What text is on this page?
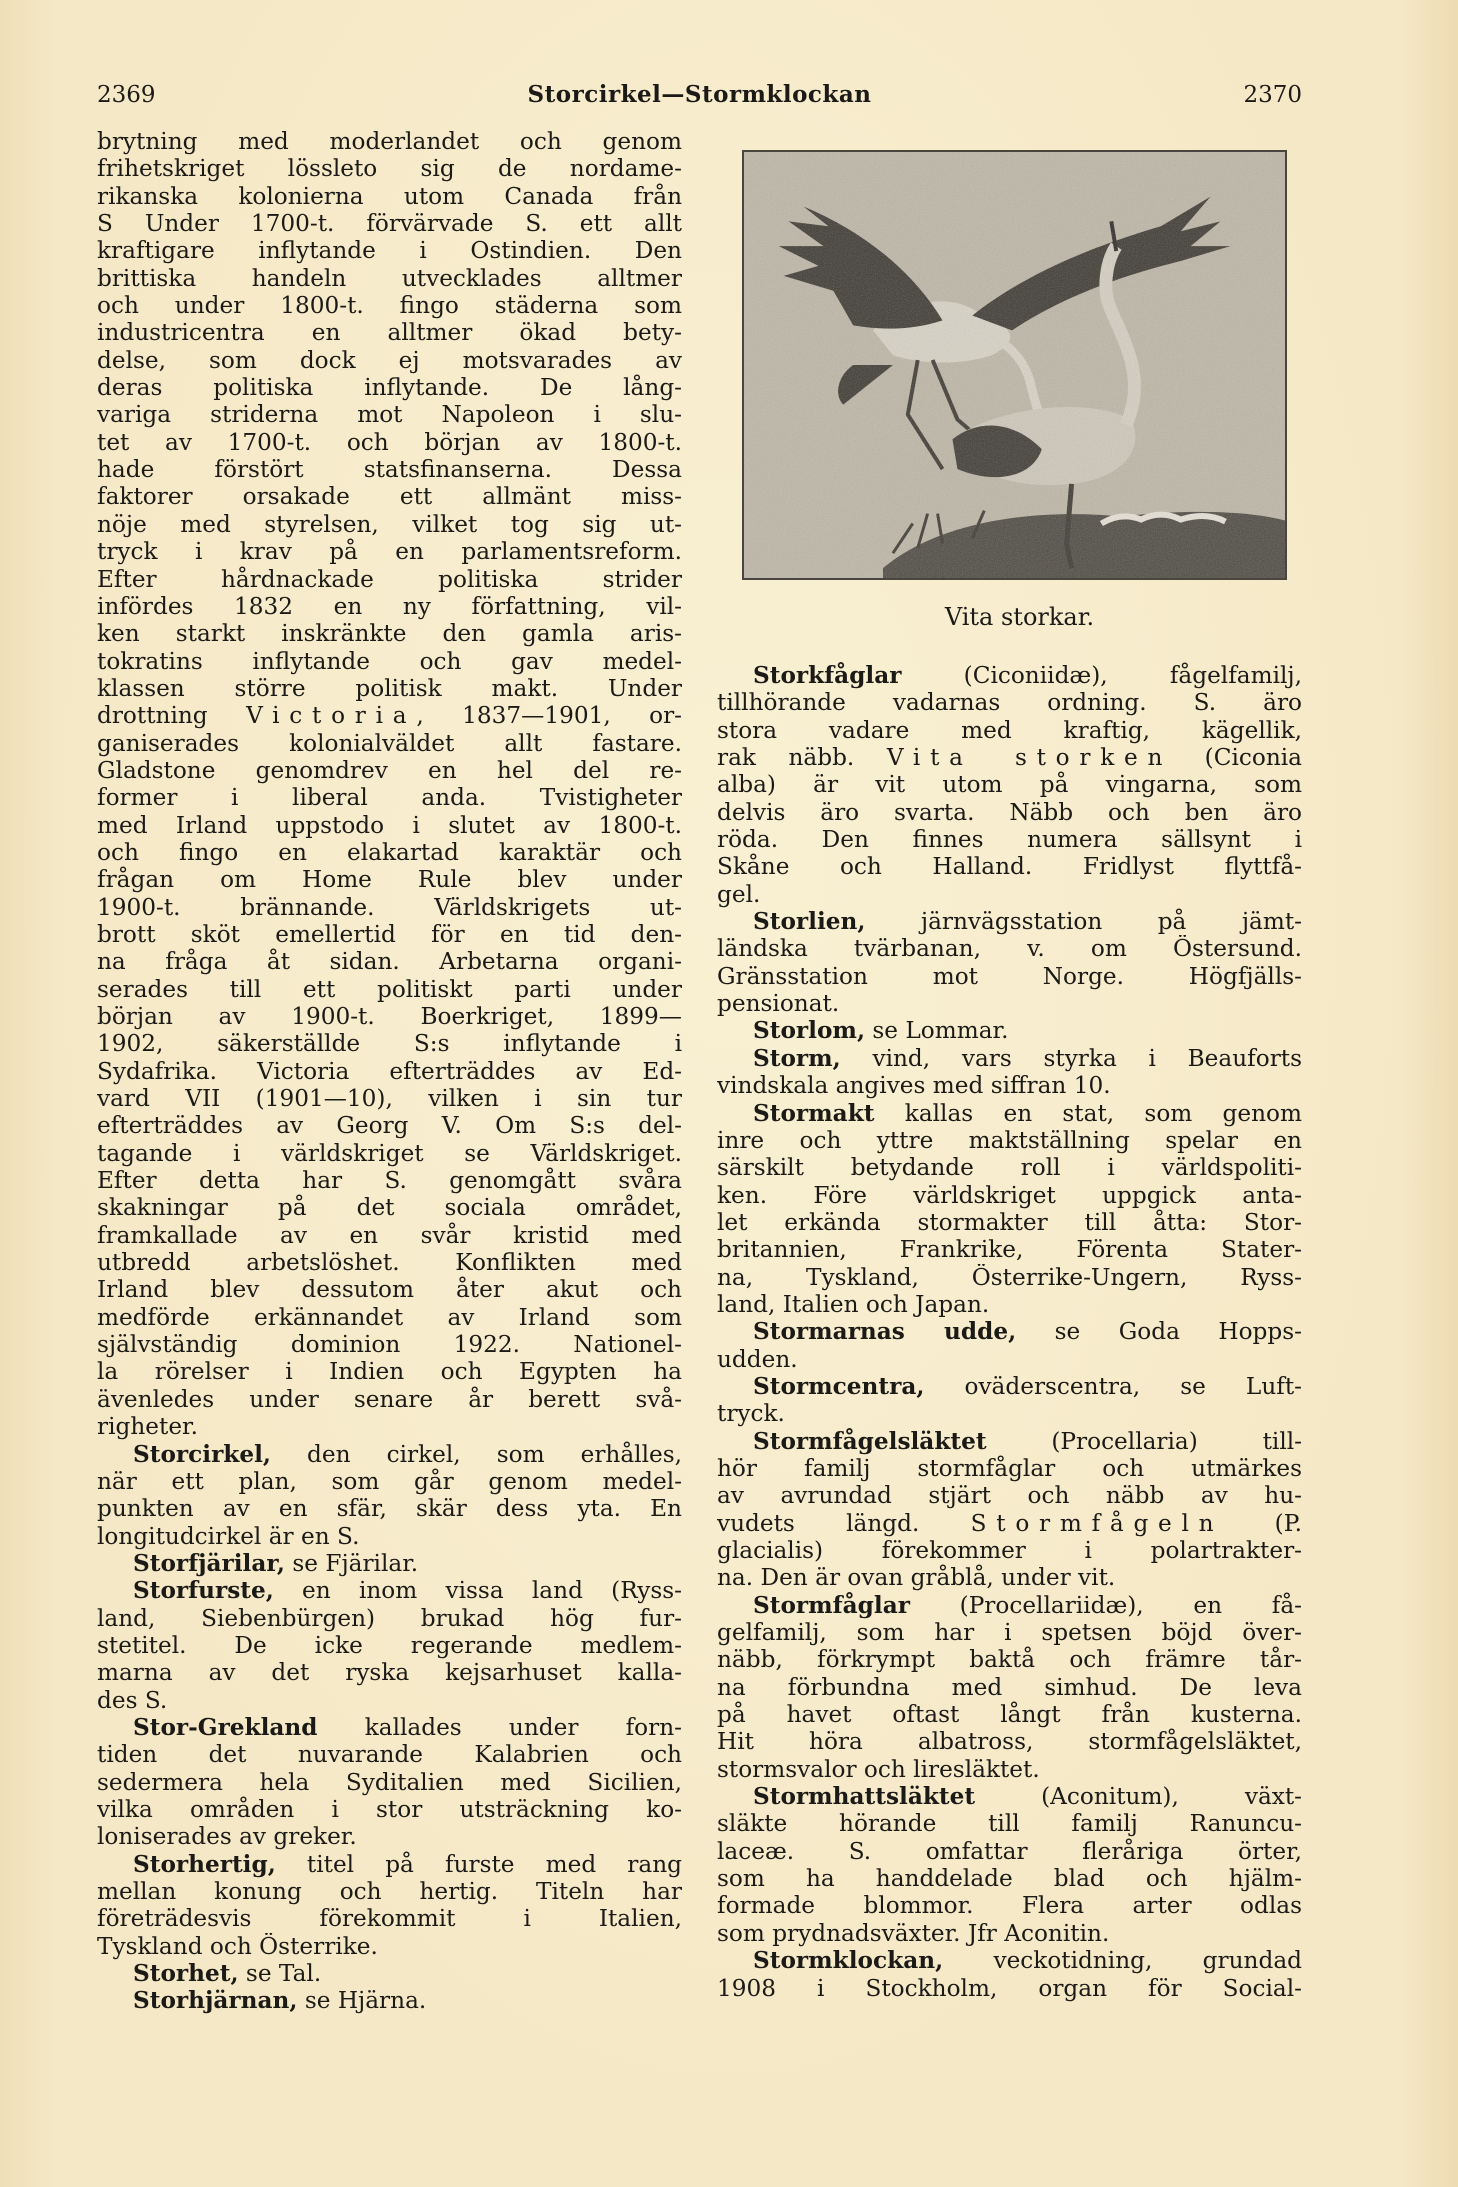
2369	Storcirkel—Stormklockan	2370
brytning med moderlandet och genom
frihetskriget lössleto sig de nordame-
rikanska kolonierna utom Canada från
S Under 1700-t. förvärvade S. ett allt
kraftigare inflytande i Ostindien. Den
brittiska handeln utvecklades alltmer
och under 1800-t. fingo städerna som
industricentra en alltmer ökad bety-
delse, som dock ej motsvarades av
deras politiska inflytande. De lång-
variga striderna mot Napoleon i slu-
tet av 1700-t. och början av 1800-t.
hade förstört statsfinanserna. Dessa
faktorer orsakade ett allmänt miss-
nöje med styrelsen, vilket tog sig ut-
tryck i krav på en parlamentsreform.
Efter hårdnackade politiska strider
infördes 1832 en ny författning, vil-
ken starkt inskränkte den gamla aris-
tokratins inflytande och gav medel-
klassen större politisk makt. Under
drottning Victoria, 1837—1901, or-
ganiserades kolonialväldet allt fastare.
Gladstone genomdrev en hel del re-
former i liberal anda. Tvistigheter
med Irland uppstodo i slutet av 1800-t.
och fingo en elakartad karaktär och
frågan om Home Rule blev under
1900-t. brännande. Världskrigets ut-
brott sköt emellertid för en tid den-
na fråga åt sidan. Arbetarna organi-
serades till ett politiskt parti under
början av 1900-t. Boerkriget, 1899—
1902, säkerställde S:s inflytande i
Sydafrika. Victoria efterträddes av Ed-
vard VII (1901—10), vilken i sin tur
efterträddes av Georg V. Om S:s del-
tagande i världskriget se Världskriget.
Efter detta har S. genomgått svåra
skakningar på det sociala området,
framkallade av en svår kristid med
utbredd arbetslöshet. Konflikten med
Irland blev dessutom åter akut och
medförde erkännandet av Irland som
självständig dominion 1922. Nationel-
la rörelser i Indien och Egypten ha
ävenledes under senare år berett svå-
righeter.
Storcirkel, den cirkel, som erhålles,
när ett plan, som går genom medel-
punkten av en sfär, skär dess yta. En
longitudcirkel är en S.
Storfjärilar, se Fjärilar.
Storfurste, en inom vissa land (Ryss-
land, Siebenbürgen) brukad hög fur-
stetitel. De icke regerande medlem-
marna av det ryska kejsarhuset kalla-
des S.
Stor-Grekland kallades under forn-
tiden det nuvarande Kalabrien och
sedermera hela Syditalien med Sicilien,
vilka områden i stor utsträckning ko-
loniserades av greker.
Storhertig, titel på furste med rang
mellan konung och hertig. Titeln har
företrädesvis förekommit i Italien,
Tyskland och Österrike.
Storhet, se Tal.
Storhjärnan, se Hjärna.
Vita storkar.
Storkfåglar (Ciconiidæ), fågelfamilj,
tillhörande vadarnas ordning. S. äro
stora vadare med kraftig, kägellik,
rak näbb. Vita storken (Ciconia
alba) är vit utom på vingarna, som
delvis äro svarta. Näbb och ben äro
röda. Den finnes numera sällsynt i
Skåne och Halland. Fridlyst flyttfå-
gel.
Storlien, järnvägsstation på jämt-
ländska tvärbanan, v. om Östersund.
Gränsstation mot Norge. Högfjälls-
pensionat.
Storlom, se Lommar.
Storm, vind, vars styrka i Beauforts
vindskala angives med siffran 10.
Stormakt kallas en stat, som genom
inre och yttre maktställning spelar en
särskilt betydande roll i världspoliti-
ken. Före världskriget uppgick anta-
let erkända stormakter till åtta: Stor-
britannien, Frankrike, Förenta Stater-
na, Tyskland, Österrike-Ungern, Ryss-
land, Italien och Japan.
Stormarnas udde, se Goda Hopps-
udden.
Stormcentra, oväderscentra, se Luft-
tryck.
Stormfågelsläktet (Procellaria) till-
hör familj stormfåglar och utmärkes
av avrundad stjärt och näbb av hu-
vudets längd. Stormfågeln (P.
glacialis) förekommer i polartrakter-
na. Den är ovan gråblå, under vit.
Stormfåglar (Procellariidæ), en få-
gelfamilj, som har i spetsen böjd över-
näbb, förkrympt baktå och främre tår-
na förbundna med simhud. De leva
på havet oftast långt från kusterna.
Hit höra albatross, stormfågelsläktet,
stormsvalor och liresläktet.
Stormhattsläktet (Aconitum), växt-
släkte hörande till familj Ranuncu-
laceæ. S. omfattar fleråriga örter,
som ha handdelade blad och hjälm-
formade blommor. Flera arter odlas
som prydnadsväxter. Jfr Aconitin.
Stormklockan, veckotidning, grundad
1908 i Stockholm, organ för Social-
